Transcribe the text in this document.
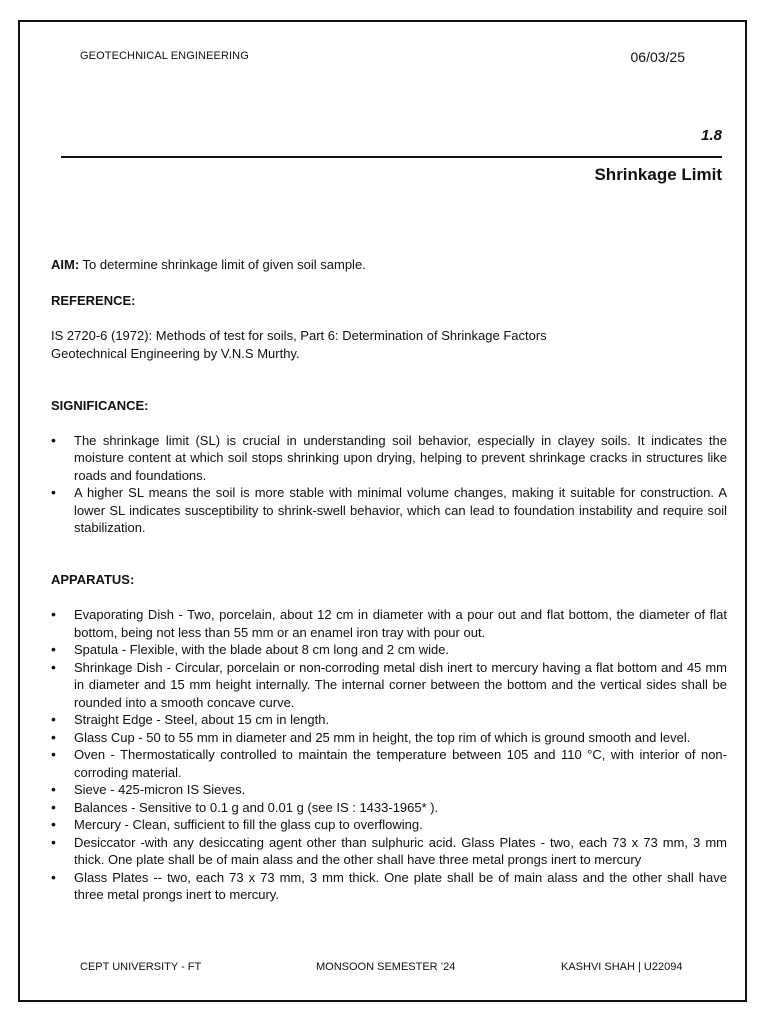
GEOTECHNICAL ENGINEERING	06/03/25
1.8
Shrinkage Limit

AIM: To determine shrinkage limit of given soil sample.

REFERENCE:

IS 2720-6 (1972): Methods of test for soils, Part 6: Determination of Shrinkage Factors

Geotechnical Engineering by V.N.S Murthy.

SIGNIFICANCE:

• The shrinkage limit (SL) is crucial in understanding soil behavior, especially in clayey soils. It indicates the moisture content at which soil stops shrinking upon drying, helping to prevent shrinkage cracks in structures like roads and foundations.
• A higher SL means the soil is more stable with minimal volume changes, making it suitable for construction. A lower SL indicates susceptibility to shrink-swell behavior, which can lead to foundation instability and require soil stabilization.

APPARATUS:

• Evaporating Dish - Two, porcelain, about 12 cm in diameter with a pour out and flat bottom, the diameter of flat bottom, being not less than 55 mm or an enamel iron tray with pour out.
• Spatula - Flexible, with the blade about 8 cm long and 2 cm wide.
• Shrinkage Dish - Circular, porcelain or non-corroding metal dish inert to mercury having a flat bottom and 45 mm in diameter and 15 mm height internally. The internal corner between the bottom and the vertical sides shall be rounded into a smooth concave curve.
• Straight Edge - Steel, about 15 cm in length.
• Glass Cup - 50 to 55 mm in diameter and 25 mm in height, the top rim of which is ground smooth and level.
• Oven - Thermostatically controlled to maintain the temperature between 105 and 110 °C, with interior of non-corroding material.
• Sieve - 425-micron IS Sieves.
• Balances - Sensitive to 0.1 g and 0.01 g (see IS : 1433-1965* ).
• Mercury - Clean, sufficient to fill the glass cup to overflowing.
• Desiccator -with any desiccating agent other than sulphuric acid. Glass Plates - two, each 73 x 73 mm, 3 mm thick. One plate shall be of main alass and the other shall have three metal prongs inert to mercury
• Glass Plates -- two, each 73 x 73 mm, 3 mm thick. One plate shall be of main alass and the other shall have three metal prongs inert to mercury.
CEPT UNIVERSITY - FT	MONSOON SEMESTER ’24	KASHVI SHAH | U22094
